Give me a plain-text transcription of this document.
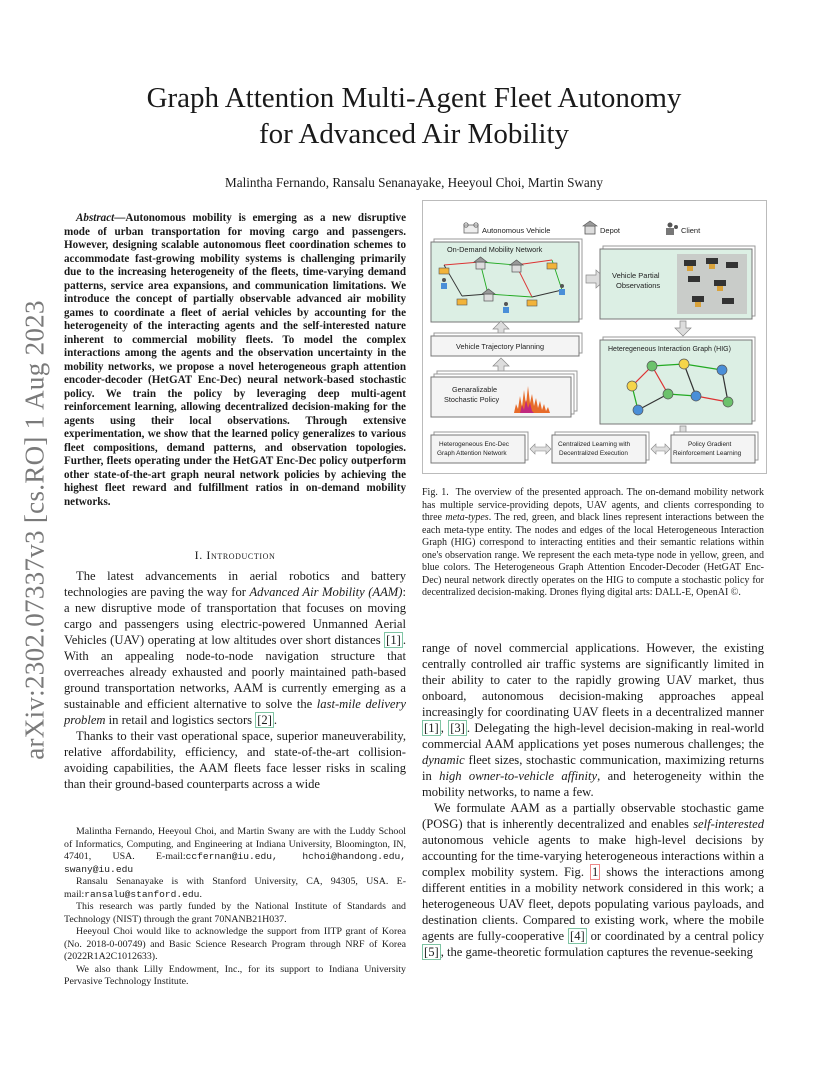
arXiv:2302.07337v3 [cs.RO] 1 Aug 2023
Graph Attention Multi-Agent Fleet Autonomy
for Advanced Air Mobility
Malintha Fernando, Ransalu Senanayake, Heeyoul Choi, Martin Swany
Abstract—Autonomous mobility is emerging as a new disruptive mode of urban transportation for moving cargo and passengers. However, designing scalable autonomous fleet coordination schemes to accommodate fast-growing mobility systems is challenging primarily due to the increasing heterogeneity of the fleets, time-varying demand patterns, service area expansions, and communication limitations. We introduce the concept of partially observable advanced air mobility games to coordinate a fleet of aerial vehicles by accounting for the heterogeneity of the interacting agents and the self-interested nature inherent to commercial mobility fleets. To model the complex interactions among the agents and the observation uncertainty in the mobility networks, we propose a novel heterogeneous graph attention encoder-decoder (HetGAT Enc-Dec) neural network-based stochastic policy. We train the policy by leveraging deep multi-agent reinforcement learning, allowing decentralized decision-making for the agents using their local observations. Through extensive experimentation, we show that the learned policy generalizes to various fleet compositions, demand patterns, and observation topologies. Further, fleets operating under the HetGAT Enc-Dec policy outperform other state-of-the-art graph neural network policies by achieving the highest fleet reward and fulfillment ratios in on-demand mobility networks.
I. Introduction

The latest advancements in aerial robotics and battery technologies are paving the way for Advanced Air Mobility (AAM): a new disruptive mode of transportation that focuses on moving cargo and passengers using electric-powered Unmanned Aerial Vehicles (UAV) operating at low altitudes over short distances [1] . With an appealing node-to-node navigation structure that overreaches already exhausted and poorly maintained path-based ground transportation networks, AAM is currently emerging as a sustainable and efficient alternative to solve the last-mile delivery problem in retail and logistics sectors [2] .

Thanks to their vast operational space, superior maneuverability, relative affordability, efficiency, and state-of-the-art collision-avoiding capabilities, the AAM fleets face lesser risks in scaling than their ground-based counterparts across a wide

Malintha Fernando, Heeyoul Choi, and Martin Swany are with the Luddy School of Informatics, Computing, and Engineering at Indiana University, Bloomington, IN, 47401, USA. E-mail:ccfernan@iu.edu, hchoi@handong.edu, swany@iu.edu

Ransalu Senanayake is with Stanford University, CA, 94305, USA. E-mail:ransalu@stanford.edu.

This research was partly funded by the National Institute of Standards and Technology (NIST) through the grant 70NANB21H037.

Heeyoul Choi would like to acknowledge the support from IITP grant of Korea (No. 2018-0-00749) and Basic Science Research Program through NRF of Korea (2022R1A2C1012633).

We also thank Lilly Endowment, Inc., for its support to Indiana University Pervasive Technology Institute.

Autonomous Vehicle	Depot	Client
On-Demand Mobility Network
Vehicle Partial
Observations
Vehicle Trajectory Planning	Heteregeneous Interaction Graph (HIG)
Genaralizable
Stochastic Policy
Heterogeneous Enc-Dec
Graph Attention Network
Centralized Learning with
Decentralized Execution
Policy Gradient
Reinforcement Learning
Fig. 1. The overview of the presented approach. The on-demand mobility network has multiple service-providing depots, UAV agents, and clients corresponding to three meta-types. The red, green, and black lines represent interactions between the each meta-type entity. The nodes and edges of the local Heterogeneous Interaction Graph (HIG) correspond to interacting entities and their semantic relations within one's observation range. We represent the each meta-type node in yellow, green, and blue colors. The Heterogeneous Graph Attention Encoder-Decoder (HetGAT Enc-Dec) neural network directly operates on the HIG to compute a stochastic policy for decentralized decision-making. Drones flying digital arts: DALL-E, OpenAI ©.

range of novel commercial applications. However, the existing centrally controlled air traffic systems are significantly limited in their ability to cater to the rapidly growing UAV market, thus onboard, autonomous decision-making approaches appeal increasingly for coordinating UAV fleets in a decentralized manner [1] , [3] . Delegating the high-level decision-making in real-world commercial AAM applications yet poses numerous challenges; the dynamic fleet sizes, stochastic communication, maximizing returns in high owner-to-vehicle affinity, and heterogeneity within the mobility networks, to name a few.

We formulate AAM as a partially observable stochastic game (POSG) that is inherently decentralized and enables self-interested autonomous vehicle agents to make high-level decisions by accounting for the time-varying heterogeneous interactions within a complex mobility system. Fig. 1 shows the interactions among different entities in a mobility network considered in this work; a heterogeneous UAV fleet, depots populating various payloads, and destination clients. Compared to existing work, where the mobile agents are fully-cooperative [4] or coordinated by a central policy [5] , the game-theoretic formulation captures the revenue-seeking
